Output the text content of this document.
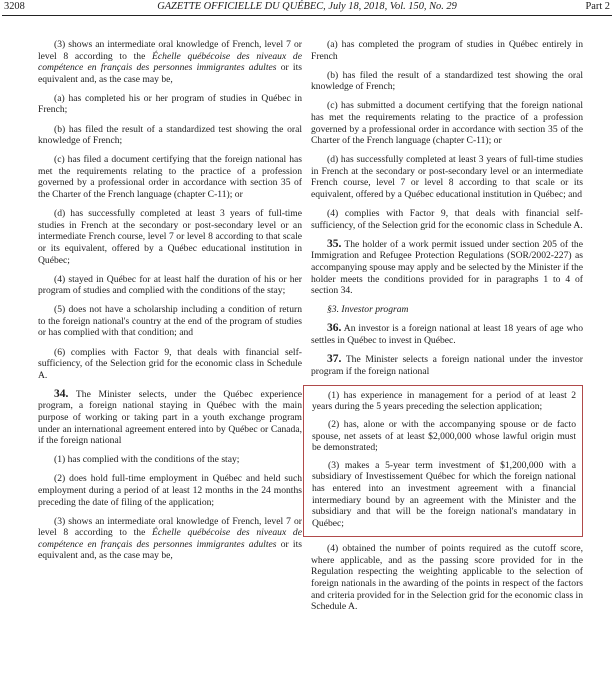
3208	GAZETTE OFFICIELLE DU QUÉBEC, July 18, 2018, Vol. 150, No. 29	Part 2

(3) shows an intermediate oral knowledge of French, level 7 or level 8 according to the Échelle québécoise des niveaux de compétence en français des personnes immigrantes adultes or its equivalent and, as the case may be,

(a) has completed his or her program of studies in Québec in French;

(b) has filed the result of a standardized test showing the oral knowledge of French;

(c) has filed a document certifying that the foreign national has met the requirements relating to the practice of a profession governed by a professional order in accordance with section 35 of the Charter of the French language (chapter C-11); or

(d) has successfully completed at least 3 years of full-time studies in French at the secondary or post-secondary level or an intermediate French course, level 7 or level 8 according to that scale or its equivalent, offered by a Québec educational institution in Québec;

(4) stayed in Québec for at least half the duration of his or her program of studies and complied with the conditions of the stay;

(5) does not have a scholarship including a condition of return to the foreign national's country at the end of the program of studies or has complied with that condition; and

(6) complies with Factor 9, that deals with financial self-sufficiency, of the Selection grid for the economic class in Schedule A.

34. The Minister selects, under the Québec experience program, a foreign national staying in Québec with the main purpose of working or taking part in a youth exchange program under an international agreement entered into by Québec or Canada, if the foreign national

(1) has complied with the conditions of the stay;

(2) does hold full-time employment in Québec and held such employment during a period of at least 12 months in the 24 months preceding the date of filing of the application;

(3) shows an intermediate oral knowledge of French, level 7 or level 8 according to the Échelle québécoise des niveaux de compétence en français des personnes immigrantes adultes or its equivalent and, as the case may be,

(a) has completed the program of studies in Québec entirely in French

(b) has filed the result of a standardized test showing the oral knowledge of French;

(c) has submitted a document certifying that the foreign national has met the requirements relating to the practice of a profession governed by a professional order in accordance with section 35 of the Charter of the French language (chapter C-11); or

(d) has successfully completed at least 3 years of full-time studies in French at the secondary or post-secondary level or an intermediate French course, level 7 or level 8 according to that scale or its equivalent, offered by a Québec educational institution in Québec; and

(4) complies with Factor 9, that deals with financial self-sufficiency, of the Selection grid for the economic class in Schedule A.

35. The holder of a work permit issued under section 205 of the Immigration and Refugee Protection Regulations (SOR/2002-227) as accompanying spouse may apply and be selected by the Minister if the holder meets the conditions provided for in paragraphs 1 to 4 of section 34.

§3. Investor program

36. An investor is a foreign national at least 18 years of age who settles in Québec to invest in Québec.

37. The Minister selects a foreign national under the investor program if the foreign national

(1) has experience in management for a period of at least 2 years during the 5 years preceding the selection application;

(2) has, alone or with the accompanying spouse or de facto spouse, net assets of at least $2,000,000 whose lawful origin must be demonstrated;

(3) makes a 5-year term investment of $1,200,000 with a subsidiary of Investissement Québec for which the foreign national has entered into an investment agreement with a financial intermediary bound by an agreement with the Minister and the subsidiary and that will be the foreign national's mandatary in Québec;

(4) obtained the number of points required as the cutoff score, where applicable, and as the passing score provided for in the Regulation respecting the weighting applicable to the selection of foreign nationals in the awarding of the points in respect of the factors and criteria provided for in the Selection grid for the economic class in Schedule A.
